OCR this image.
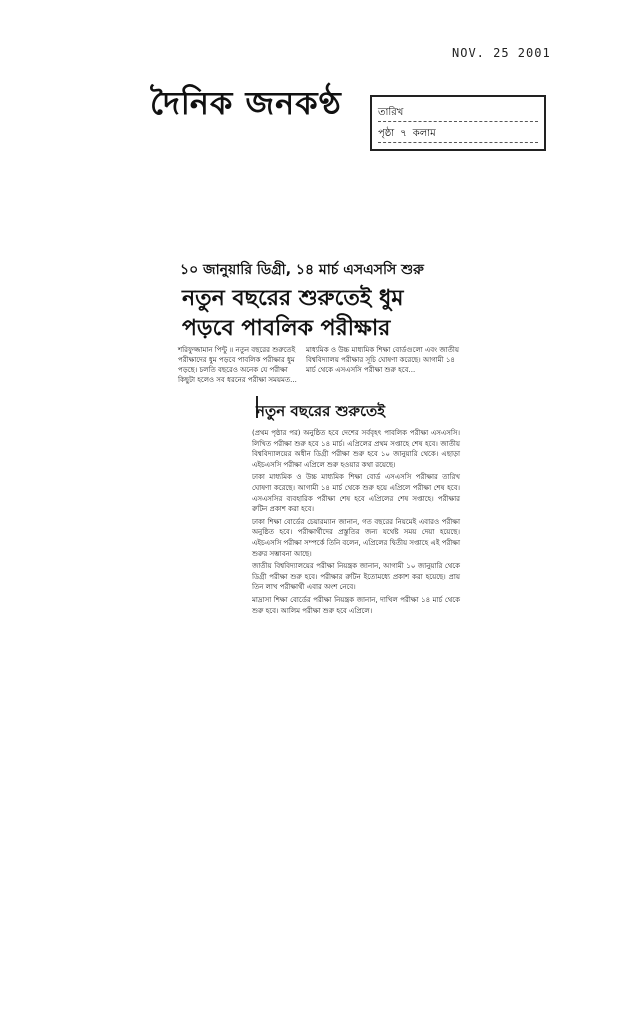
NOV. 25 2001
দৈনিক জনকণ্ঠ	তারিখ
পৃষ্ঠা ৭ কলাম
১০ জানুয়ারি ডিগ্রী, ১৪ মার্চ এসএসসি শুরু
নতুন বছরের শুরুতেই ধুম
পড়বে পাবলিক পরীক্ষার
শরিফুজ্জামান পিন্টু ॥ নতুন বছরের শুরুতেই পরীক্ষাদের ধুম পড়বে পাবলিক পরীক্ষার ধুম পড়ছে। চলতি বছরেও অনেক যে পরীক্ষা কিছুটা হলেও সব ধরনের পরীক্ষা সময়মত...
মাধ্যমিক ও উচ্চ মাধ্যমিক শিক্ষা বোর্ডগুলো এবং জাতীয় বিশ্ববিদ্যালয় পরীক্ষার সূচি ঘোষণা করেছে। আগামী ১৪ মার্চ থেকে এসএসসি পরীক্ষা শুরু হবে...
নতুন বছরের শুরুতেই

(প্রথম পৃষ্ঠার পর) অনুষ্ঠিত হবে দেশের সর্ববৃহৎ পাবলিক পরীক্ষা এসএসসি। লিখিত পরীক্ষা শুরু হবে ১৪ মার্চ। এপ্রিলের প্রথম সপ্তাহে শেষ হবে। জাতীয় বিশ্ববিদ্যালয়ের অধীন ডিগ্রী পরীক্ষা শুরু হবে ১০ জানুয়ারি থেকে। এছাড়া এইচএসসি পরীক্ষা এপ্রিলে শুরু হওয়ার কথা রয়েছে।

ঢাকা মাধ্যমিক ও উচ্চ মাধ্যমিক শিক্ষা বোর্ড এসএসসি পরীক্ষার তারিখ ঘোষণা করেছে। আগামী ১৪ মার্চ থেকে শুরু হয়ে এপ্রিলে পরীক্ষা শেষ হবে। এসএসসির ব্যবহারিক পরীক্ষা শেষ হবে এপ্রিলের শেষ সপ্তাহে। পরীক্ষার রুটিন প্রকাশ করা হবে।

ঢাকা শিক্ষা বোর্ডের চেয়ারম্যান জানান, গত বছরের নিয়মেই এবারও পরীক্ষা অনুষ্ঠিত হবে। পরীক্ষার্থীদের প্রস্তুতির জন্য যথেষ্ট সময় দেয়া হয়েছে। এইচএসসি পরীক্ষা সম্পর্কে তিনি বলেন, এপ্রিলের দ্বিতীয় সপ্তাহে এই পরীক্ষা শুরুর সম্ভাবনা আছে।

জাতীয় বিশ্ববিদ্যালয়ের পরীক্ষা নিয়ন্ত্রক জানান, আগামী ১০ জানুয়ারি থেকে ডিগ্রী পরীক্ষা শুরু হবে। পরীক্ষার রুটিন ইতোমধ্যে প্রকাশ করা হয়েছে। প্রায় তিন লাখ পরীক্ষার্থী এবার অংশ নেবে।

মাদ্রাসা শিক্ষা বোর্ডের পরীক্ষা নিয়ন্ত্রক জানান, দাখিল পরীক্ষা ১৪ মার্চ থেকে শুরু হবে। আলিম পরীক্ষা শুরু হবে এপ্রিলে।
